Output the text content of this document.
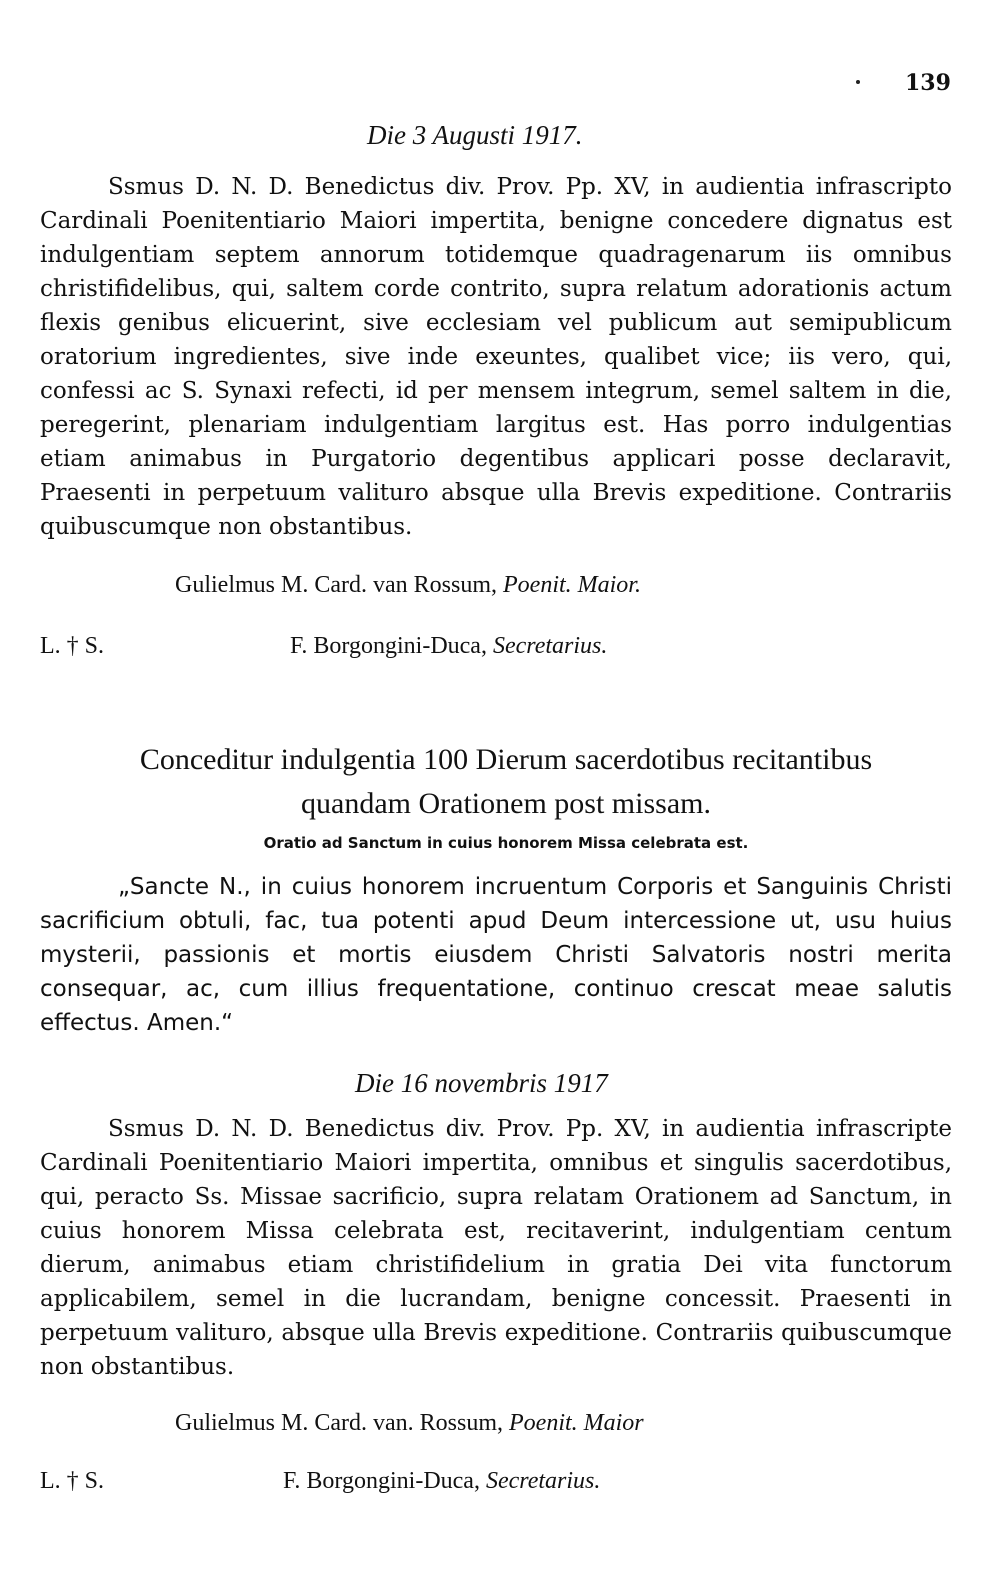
139
Die 3 Augusti 1917.
Ssmus D. N. D. Benedictus div. Prov. Pp. XV, in audientia infrascripto Cardinali Poenitentiario Maiori impertita, benigne concedere dignatus est indulgentiam septem annorum totidemque quadragenarum iis omnibus christifidelibus, qui, saltem corde contrito, supra relatum adorationis actum flexis genibus elicuerint, sive ecclesiam vel publicum aut semipublicum oratorium ingredientes, sive inde exeuntes, qualibet vice; iis vero, qui, confessi ac S. Synaxi refecti, id per mensem integrum, semel saltem in die, peregerint, plenariam indulgentiam largitus est. Has porro indulgentias etiam animabus in Purgatorio degentibus applicari posse declaravit, Praesenti in perpetuum valituro absque ulla Brevis expeditione. Contrariis quibuscumque non obstantibus.
Gulielmus M. Card. van Rossum, Poenit. Maior.
L. † S.	F. Borgongini-Duca, Secretarius.
Conceditur indulgentia 100 Dierum sacerdotibus recitantibus
quandam Orationem post missam.
Oratio ad Sanctum in cuius honorem Missa celebrata est.
„Sancte N., in cuius honorem incruentum Corporis et Sanguinis Christi sacrificium obtuli, fac, tua potenti apud Deum intercessione ut, usu huius mysterii, passionis et mortis eiusdem Christi Salvatoris nostri merita consequar, ac, cum illius frequentatione, continuo crescat meae salutis effectus. Amen.“
Die 16 novembris 1917
Ssmus D. N. D. Benedictus div. Prov. Pp. XV, in audientia infrascripte Cardinali Poenitentiario Maiori impertita, omnibus et singulis sacerdotibus, qui, peracto Ss. Missae sacrificio, supra relatam Orationem ad Sanctum, in cuius honorem Missa celebrata est, recitaverint, indulgentiam centum dierum, animabus etiam christifidelium in gratia Dei vita functorum applicabilem, semel in die lucrandam, benigne concessit. Praesenti in perpetuum valituro, absque ulla Brevis expeditione. Contrariis quibuscumque non obstantibus.
Gulielmus M. Card. van. Rossum, Poenit. Maior
L. † S.	F. Borgongini-Duca, Secretarius.
